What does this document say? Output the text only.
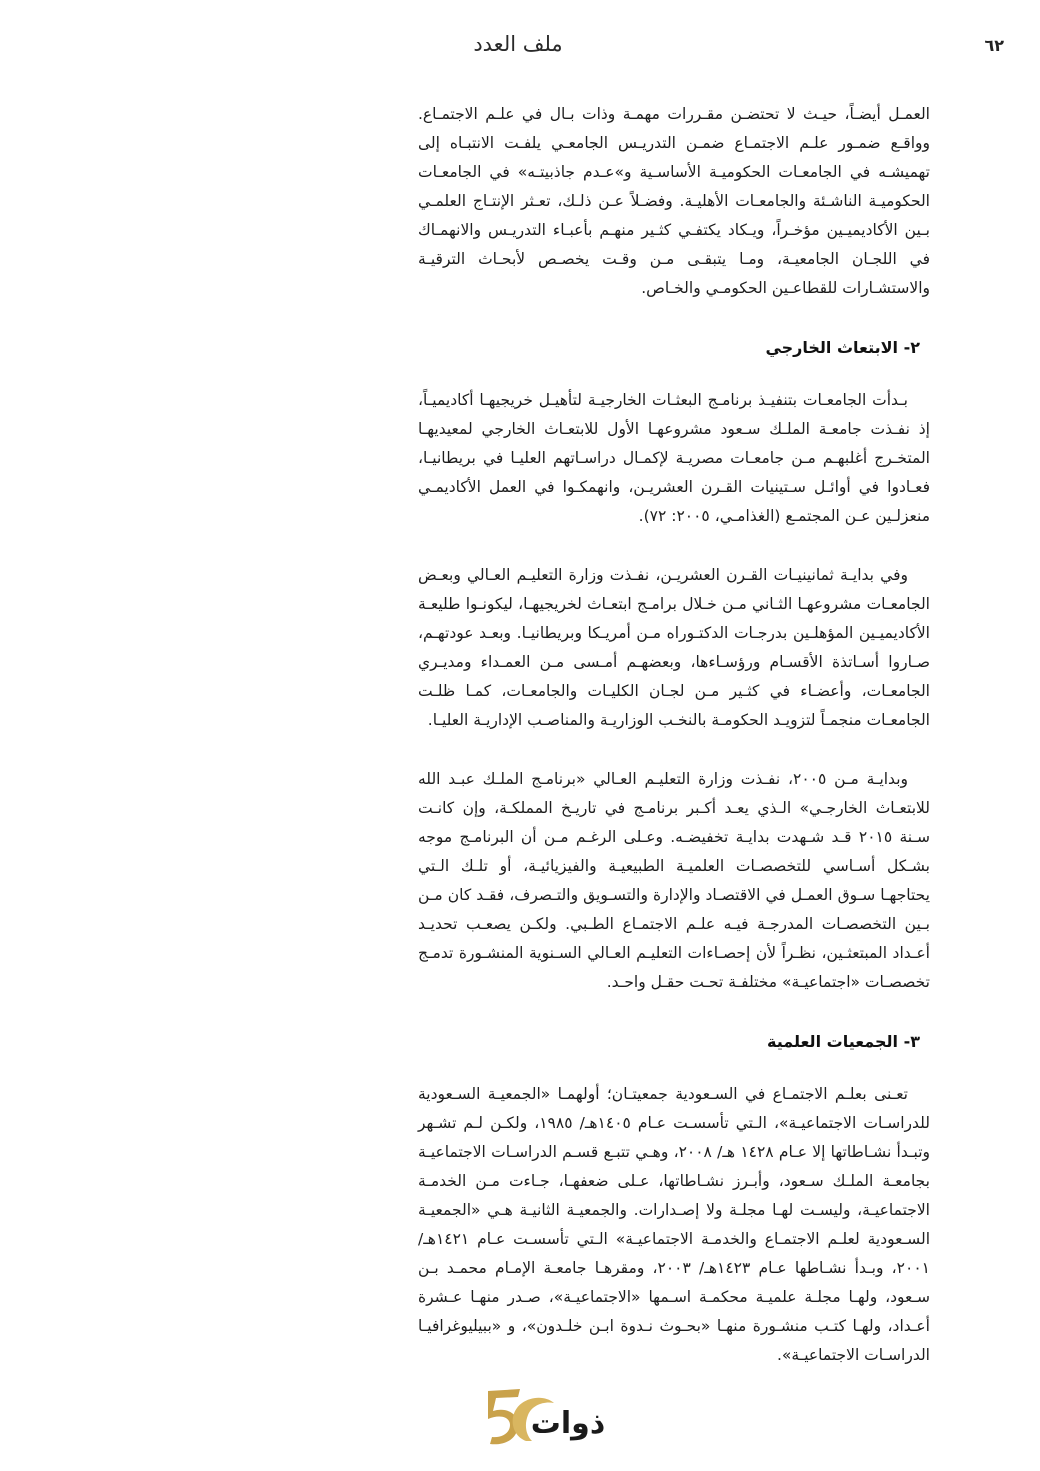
ملف العدد	٦٢

العمـل أيضـاً، حيـث لا تحتضـن مقـررات مهمـة وذات بـال في علـم الاجتمـاع. وواقـع ضمـور علـم الاجتمـاع ضمـن التدريـس الجامعـي يلفـت الانتبـاه إلى تهميشـه في الجامعـات الحكوميـة الأساسـية و»عـدم جاذبيتـه» في الجامعـات الحكوميـة الناشـئة والجامعـات الأهليـة. وفضـلاً عـن ذلـك، تعـثر الإنتـاج العلمـي بـين الأكاديميـين مؤخـراً، ويـكاد يكتفـي كثـير منهـم بأعبـاء التدريـس والانهمـاك في اللجـان الجامعيـة، ومـا يتبقـى مـن وقـت يخصـص لأبحـاث الترقيـة والاستشـارات للقطاعـين الحكومـي والخـاص.

٢- الابتعاث الخارجي

بـدأت الجامعـات بتنفيـذ برنامـج البعثـات الخارجيـة لتأهيـل خريجيهـا أكاديميـاً، إذ نفـذت جامعـة الملـك سـعود مشروعهـا الأول للابتعـاث الخارجي لمعيديهـا المتخـرج أغلبهـم مـن جامعـات مصريـة لإكمـال دراسـاتهم العليـا في بريطانيـا، فعـادوا في أوائـل سـتينيات القـرن العشريـن، وانهمكـوا في العمل الأكاديمـي منعزلـين عـن المجتمـع (الغذامـي، ٢٠٠٥: ٧٢).

وفي بدايـة ثمانينيـات القـرن العشريـن، نفـذت وزارة التعليـم العـالي وبعـض الجامعـات مشروعهـا الثـاني مـن خـلال برامـج ابتعـاث لخريجيهـا، ليكونـوا طليعـة الأكاديميـين المؤهلـين بدرجـات الدكتـوراه مـن أمريـكا وبريطانيـا. وبعـد عودتهـم، صـاروا أسـاتذة الأقسـام ورؤسـاءها، وبعضهـم أمـسى مـن العمـداء ومديـري الجامعـات، وأعضـاء في كثـير مـن لجـان الكليـات والجامعـات، كمـا ظلـت الجامعـات منجمـاً لتزويـد الحكومـة بالنخـب الوزاريـة والمناصـب الإداريـة العليـا.

وبدايـة مـن ٢٠٠٥، نفـذت وزارة التعليـم العـالي «برنامـج الملـك عبـد الله للابتعـاث الخارجـي» الـذي يعـد أكـبر برنامـج في تاريـخ المملكـة، وإن كانـت سـنة ٢٠١٥ قـد شـهدت بدايـة تخفيضـه. وعـلى الرغـم مـن أن البرنامـج موجه بشـكل أسـاسي للتخصصـات العلميـة الطبيعيـة والفيزيائيـة، أو تلـك الـتي يحتاجهـا سـوق العمـل في الاقتصـاد والإدارة والتسـويق والتـصرف، فقـد كان مـن بـين التخصصـات المدرجـة فيـه علـم الاجتمـاع الطـبي. ولكـن يصعـب تحديـد أعـداد المبتعثـين، نظـراً لأن إحصـاءات التعليـم العـالي السـنوية المنشـورة تدمـج تخصصـات «اجتماعيـة» مختلفـة تحـت حقـل واحـد.

٣- الجمعيات العلمية

تعـنى بعلـم الاجتمـاع في السـعودية جمعيتـان؛ أولهمـا «الجمعيـة السـعودية للدراسـات الاجتماعيـة»، الـتي تأسسـت عـام ١٤٠٥هـ/ ١٩٨٥، ولكـن لـم تشـهر وتبـدأ نشـاطاتها إلا عـام ١٤٢٨ هـ/ ٢٠٠٨، وهـي تتبـع قسـم الدراسـات الاجتماعيـة بجامعـة الملـك سـعود، وأبـرز نشـاطاتها، عـلى ضعفهـا، جـاءت مـن الخدمـة الاجتماعيـة، وليسـت لهـا مجلـة ولا إصـدارات. والجمعيـة الثانيـة هـي «الجمعيـة السـعودية لعلـم الاجتمـاع والخدمـة الاجتماعيـة» الـتي تأسسـت عـام ١٤٢١هـ/ ٢٠٠١، وبـدأ نشـاطها عـام ١٤٢٣هـ/ ٢٠٠٣، ومقرهـا جامعـة الإمـام محمـد بـن سـعود، ولهـا مجلـة علميـة محكمـة اسـمها «الاجتماعيـة»، صـدر منهـا عـشرة أعـداد، ولهـا كتـب منشـورة منهـا «بحـوث نـدوة ابـن خلـدون»، و «ببيليوغرافيـا الدراسـات الاجتماعيـة».

ذوات
